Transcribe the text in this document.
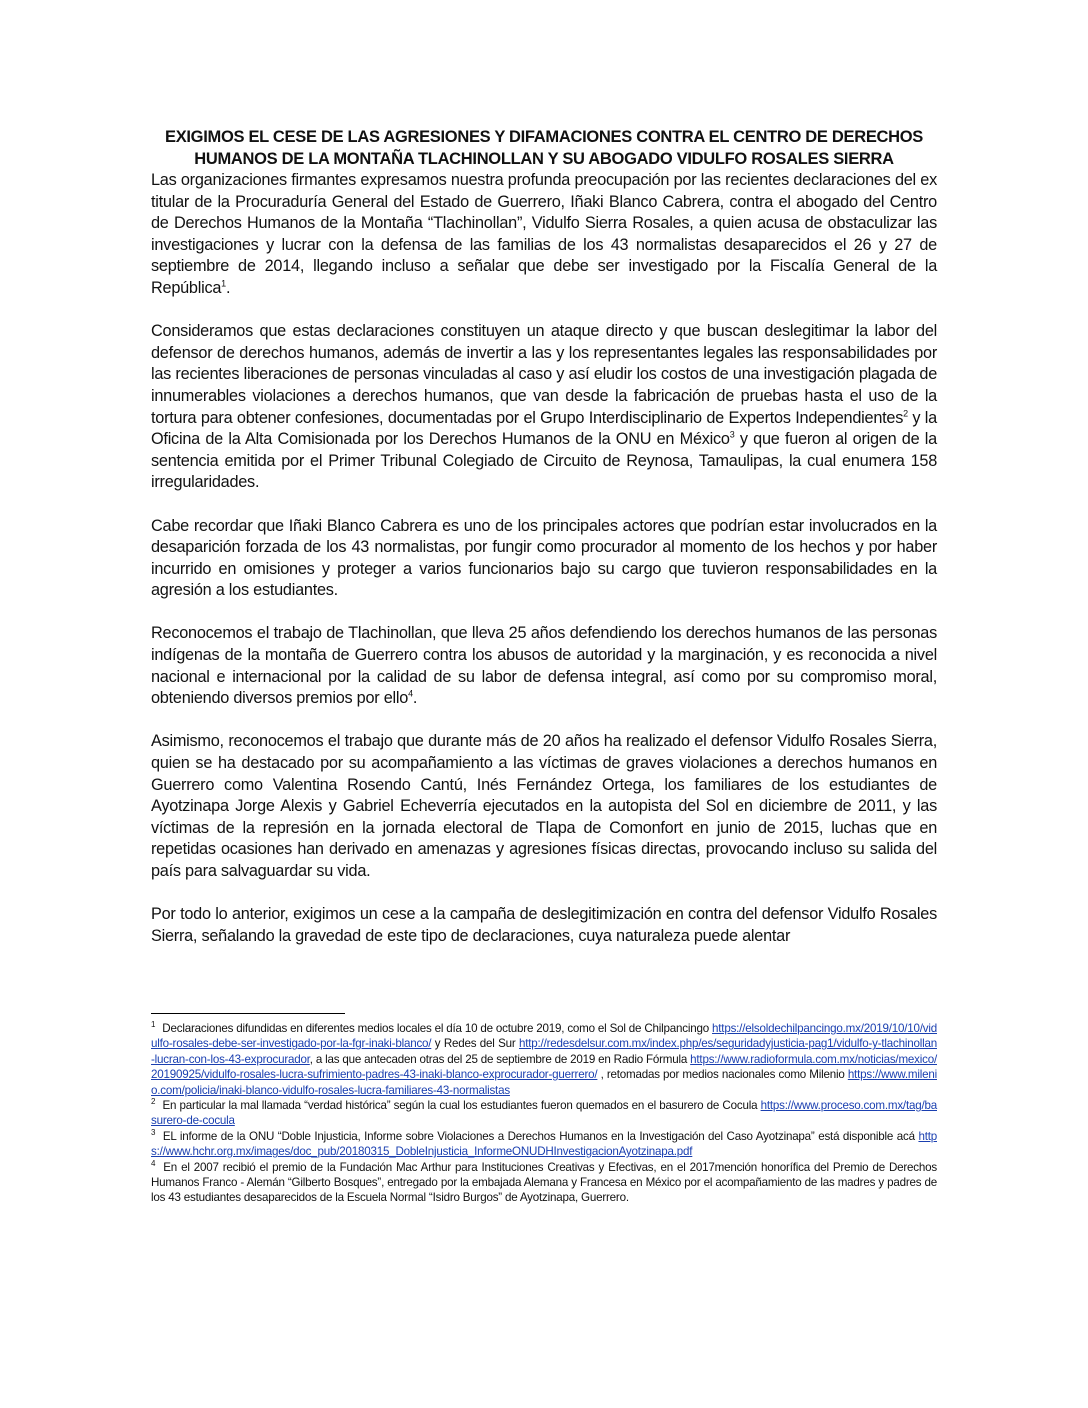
EXIGIMOS EL CESE DE LAS AGRESIONES Y DIFAMACIONES CONTRA EL CENTRO DE DERECHOS
HUMANOS DE LA MONTAÑA TLACHINOLLAN Y SU ABOGADO VIDULFO ROSALES SIERRA

Las organizaciones firmantes expresamos nuestra profunda preocupación por las recientes declaraciones del ex titular de la Procuraduría General del Estado de Guerrero, Iñaki Blanco Cabrera, contra el abogado del Centro de Derechos Humanos de la Montaña “Tlachinollan”, Vidulfo Sierra Rosales, a quien acusa de obstaculizar las investigaciones y lucrar con la defensa de las familias de los 43 normalistas desaparecidos el 26 y 27 de septiembre de 2014, llegando incluso a señalar que debe ser investigado por la Fiscalía General de la República$^1$.

Consideramos que estas declaraciones constituyen un ataque directo y que buscan deslegitimar la labor del defensor de derechos humanos, además de invertir a las y los representantes legales las responsabilidades por las recientes liberaciones de personas vinculadas al caso y así eludir los costos de una investigación plagada de innumerables violaciones a derechos humanos, que van desde la fabricación de pruebas hasta el uso de la tortura para obtener confesiones, documentadas por el Grupo Interdisciplinario de Expertos Independientes$^2$ y la Oficina de la Alta Comisionada por los Derechos Humanos de la ONU en México$^3$ y que fueron al origen de la sentencia emitida por el Primer Tribunal Colegiado de Circuito de Reynosa, Tamaulipas, la cual enumera 158 irregularidades.

Cabe recordar que Iñaki Blanco Cabrera es uno de los principales actores que podrían estar involucrados en la desaparición forzada de los 43 normalistas, por fungir como procurador al momento de los hechos y por haber incurrido en omisiones y proteger a varios funcionarios bajo su cargo que tuvieron responsabilidades en la agresión a los estudiantes.

Reconocemos el trabajo de Tlachinollan, que lleva 25 años defendiendo los derechos humanos de las personas indígenas de la montaña de Guerrero contra los abusos de autoridad y la marginación, y es reconocida a nivel nacional e internacional por la calidad de su labor de defensa integral, así como por su compromiso moral, obteniendo diversos premios por ello$^4$.

Asimismo, reconocemos el trabajo que durante más de 20 años ha realizado el defensor Vidulfo Rosales Sierra, quien se ha destacado por su acompañamiento a las víctimas de graves violaciones a derechos humanos en Guerrero como Valentina Rosendo Cantú, Inés Fernández Ortega, los familiares de los estudiantes de Ayotzinapa Jorge Alexis y Gabriel Echeverría ejecutados en la autopista del Sol en diciembre de 2011, y las víctimas de la represión en la jornada electoral de Tlapa de Comonfort en junio de 2015, luchas que en repetidas ocasiones han derivado en amenazas y agresiones físicas directas, provocando incluso su salida del país para salvaguardar su vida.

Por todo lo anterior, exigimos un cese a la campaña de deslegitimización en contra del defensor Vidulfo Rosales Sierra, señalando la gravedad de este tipo de declaraciones, cuya naturaleza puede alentar

$^1$ Declaraciones difundidas en diferentes medios locales el día 10 de octubre 2019, como el Sol de Chilpancingo https://elsoldechilpancingo.mx/2019/10/10/vidulfo-rosales-debe-ser-investigado-por-la-fgr-inaki-blanco/ y Redes del Sur http://redesdelsur.com.mx/index.php/es/seguridadyjusticia-pag1/vidulfo-y-tlachinollan-lucran-con-los-43-exprocurador, a las que antecaden otras del 25 de septiembre de 2019 en Radio Fórmula https://www.radioformula.com.mx/noticias/mexico/20190925/vidulfo-rosales-lucra-sufrimiento-padres-43-inaki-blanco-exprocurador-guerrero/ , retomadas por medios nacionales como Milenio https://www.milenio.com/policia/inaki-blanco-vidulfo-rosales-lucra-familiares-43-normalistas

$^2$ En particular la mal llamada “verdad histórica” según la cual los estudiantes fueron quemados en el basurero de Cocula https://www.proceso.com.mx/tag/basurero-de-cocula

$^3$ EL informe de la ONU “Doble Injusticia, Informe sobre Violaciones a Derechos Humanos en la Investigación del Caso Ayotzinapa” está disponible acá https://www.hchr.org.mx/images/doc_pub/20180315_DobleInjusticia_InformeONUDHInvestigacionAyotzinapa.pdf

$^4$ En el 2007 recibió el premio de la Fundación Mac Arthur para Instituciones Creativas y Efectivas, en el 2017mención honorífica del Premio de Derechos Humanos Franco - Alemán “Gilberto Bosques”, entregado por la embajada Alemana y Francesa en México por el acompañamiento de las madres y padres de los 43 estudiantes desaparecidos de la Escuela Normal “Isidro Burgos” de Ayotzinapa, Guerrero.
